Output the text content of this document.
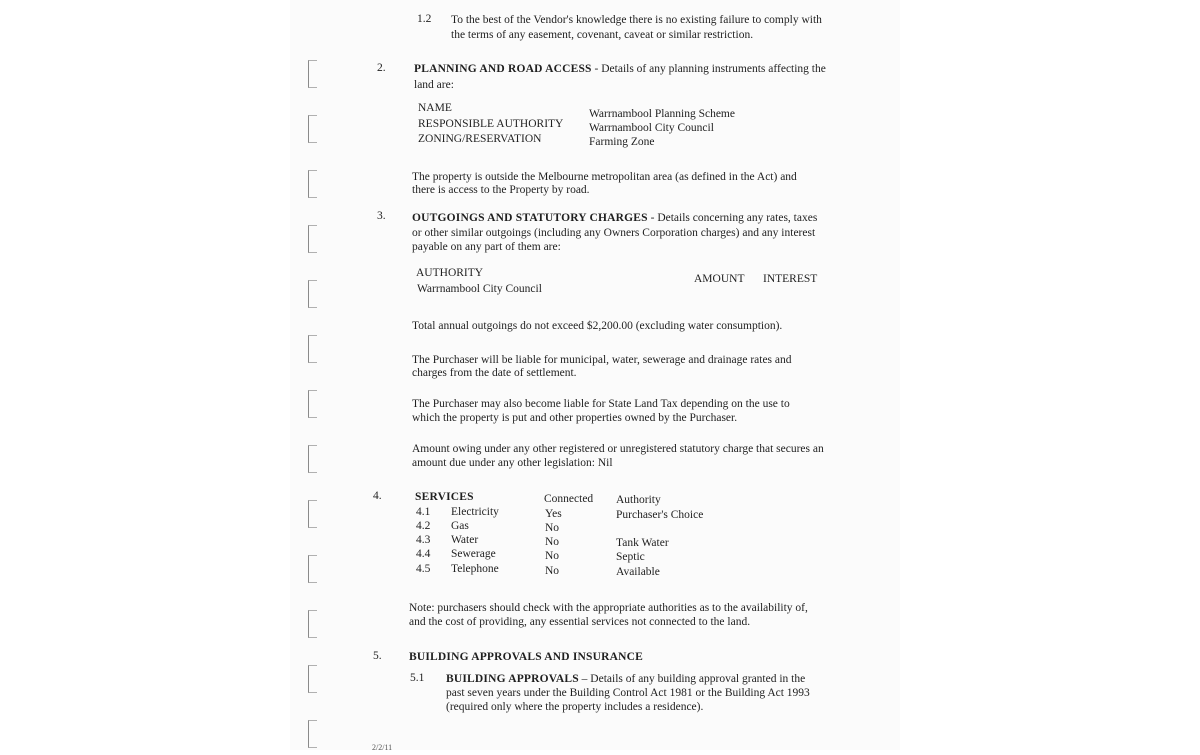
1.2 To the best of the Vendor's knowledge there is no existing failure to comply with
the terms of any easement, covenant, caveat or similar restriction.
2. PLANNING AND ROAD ACCESS - Details of any planning instruments affecting the
land are:
NAME	Warrnambool Planning Scheme
RESPONSIBLE AUTHORITY Warrnambool City Council
ZONING/RESERVATION	Farming Zone
The property is outside the Melbourne metropolitan area (as defined in the Act) and
there is access to the Property by road.
3. OUTGOINGS AND STATUTORY CHARGES - Details concerning any rates, taxes
or other similar outgoings (including any Owners Corporation charges) and any interest
payable on any part of them are:
AUTHORITY	AMOUNT INTEREST
Warrnambool City Council
Total annual outgoings do not exceed $2,200.00 (excluding water consumption).
The Purchaser will be liable for municipal, water, sewerage and drainage rates and
charges from the date of settlement.
The Purchaser may also become liable for State Land Tax depending on the use to
which the property is put and other properties owned by the Purchaser.
Amount owing under any other registered or unregistered statutory charge that secures an
amount due under any other legislation: Nil
4.	SERVICES	Connected Authority
4.1 Electricity	Yes	Purchaser's Choice
4.2 Gas	No
4.3 Water	No	Tank Water
4.4 Sewerage	No	Septic
4.5 Telephone	No	Available
Note: purchasers should check with the appropriate authorities as to the availability of,
and the cost of providing, any essential services not connected to the land.
5. BUILDING APPROVALS AND INSURANCE
5.1 BUILDING APPROVALS – Details of any building approval granted in the
past seven years under the Building Control Act 1981 or the Building Act 1993
(required only where the property includes a residence).
2/2/11
